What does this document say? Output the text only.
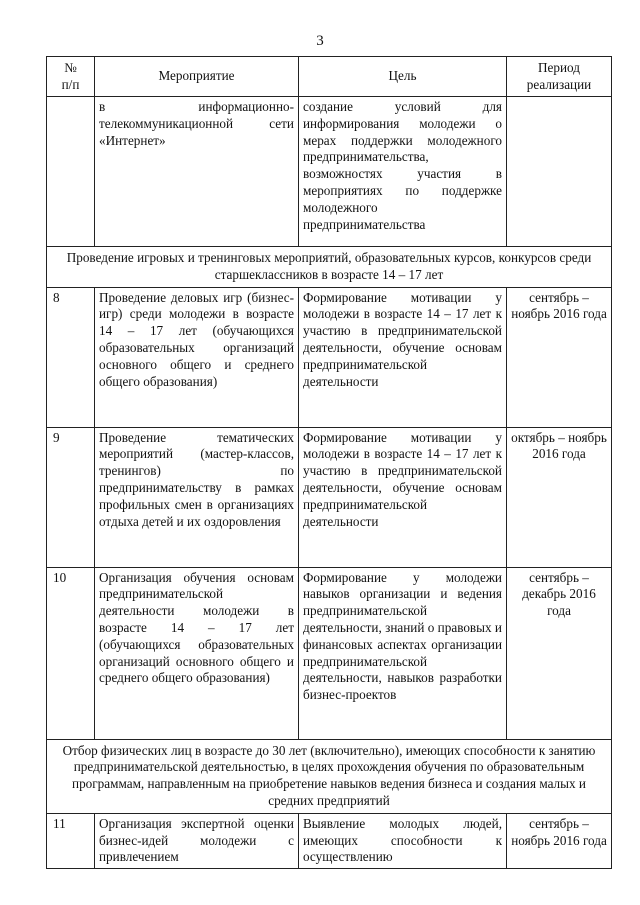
3
№ п/п	Мероприятие	Цель	Период реализации
	в информационно-телекоммуникационной сети «Интернет»	создание условий для информирования молодежи о мерах поддержки молодежного предпринимательства, возможностях участия в мероприятиях по поддержке молодежного предпринимательства	
Проведение игровых и тренинговых мероприятий, образовательных курсов, конкурсов среди старшеклассников в возрасте 14 – 17 лет			
8	Проведение деловых игр (бизнес-игр) среди молодежи в возрасте 14 – 17 лет (обучающихся образовательных организаций основного общего и среднего общего образования)	Формирование мотивации у молодежи в возрасте 14 – 17 лет к участию в предпринимательской деятельности, обучение основам предпринимательской деятельности	сентябрь – ноябрь 2016 года
9	Проведение тематических мероприятий (мастер-классов, тренингов) по предпринимательству в рамках профильных смен в организациях отдыха детей и их оздоровления	Формирование мотивации у молодежи в возрасте 14 – 17 лет к участию в предпринимательской деятельности, обучение основам предпринимательской деятельности	октябрь – ноябрь 2016 года
10	Организация обучения основам предпринимательской деятельности молодежи в возрасте 14 – 17 лет (обучающихся образовательных организаций основного общего и среднего общего образования)	Формирование у молодежи навыков организации и ведения предпринимательской деятельности, знаний о правовых и финансовых аспектах организации предпринимательской деятельности, навыков разработки бизнес-проектов	сентябрь – декабрь 2016 года
Отбор физических лиц в возрасте до 30 лет (включительно), имеющих способности к занятию предпринимательской деятельностью, в целях прохождения обучения по образовательным программам, направленным на приобретение навыков ведения бизнеса и создания малых и средних предприятий			
11	Организация экспертной оценки бизнес-идей молодежи с привлечением	Выявление молодых людей, имеющих способности к осуществлению	сентябрь – ноябрь 2016 года
